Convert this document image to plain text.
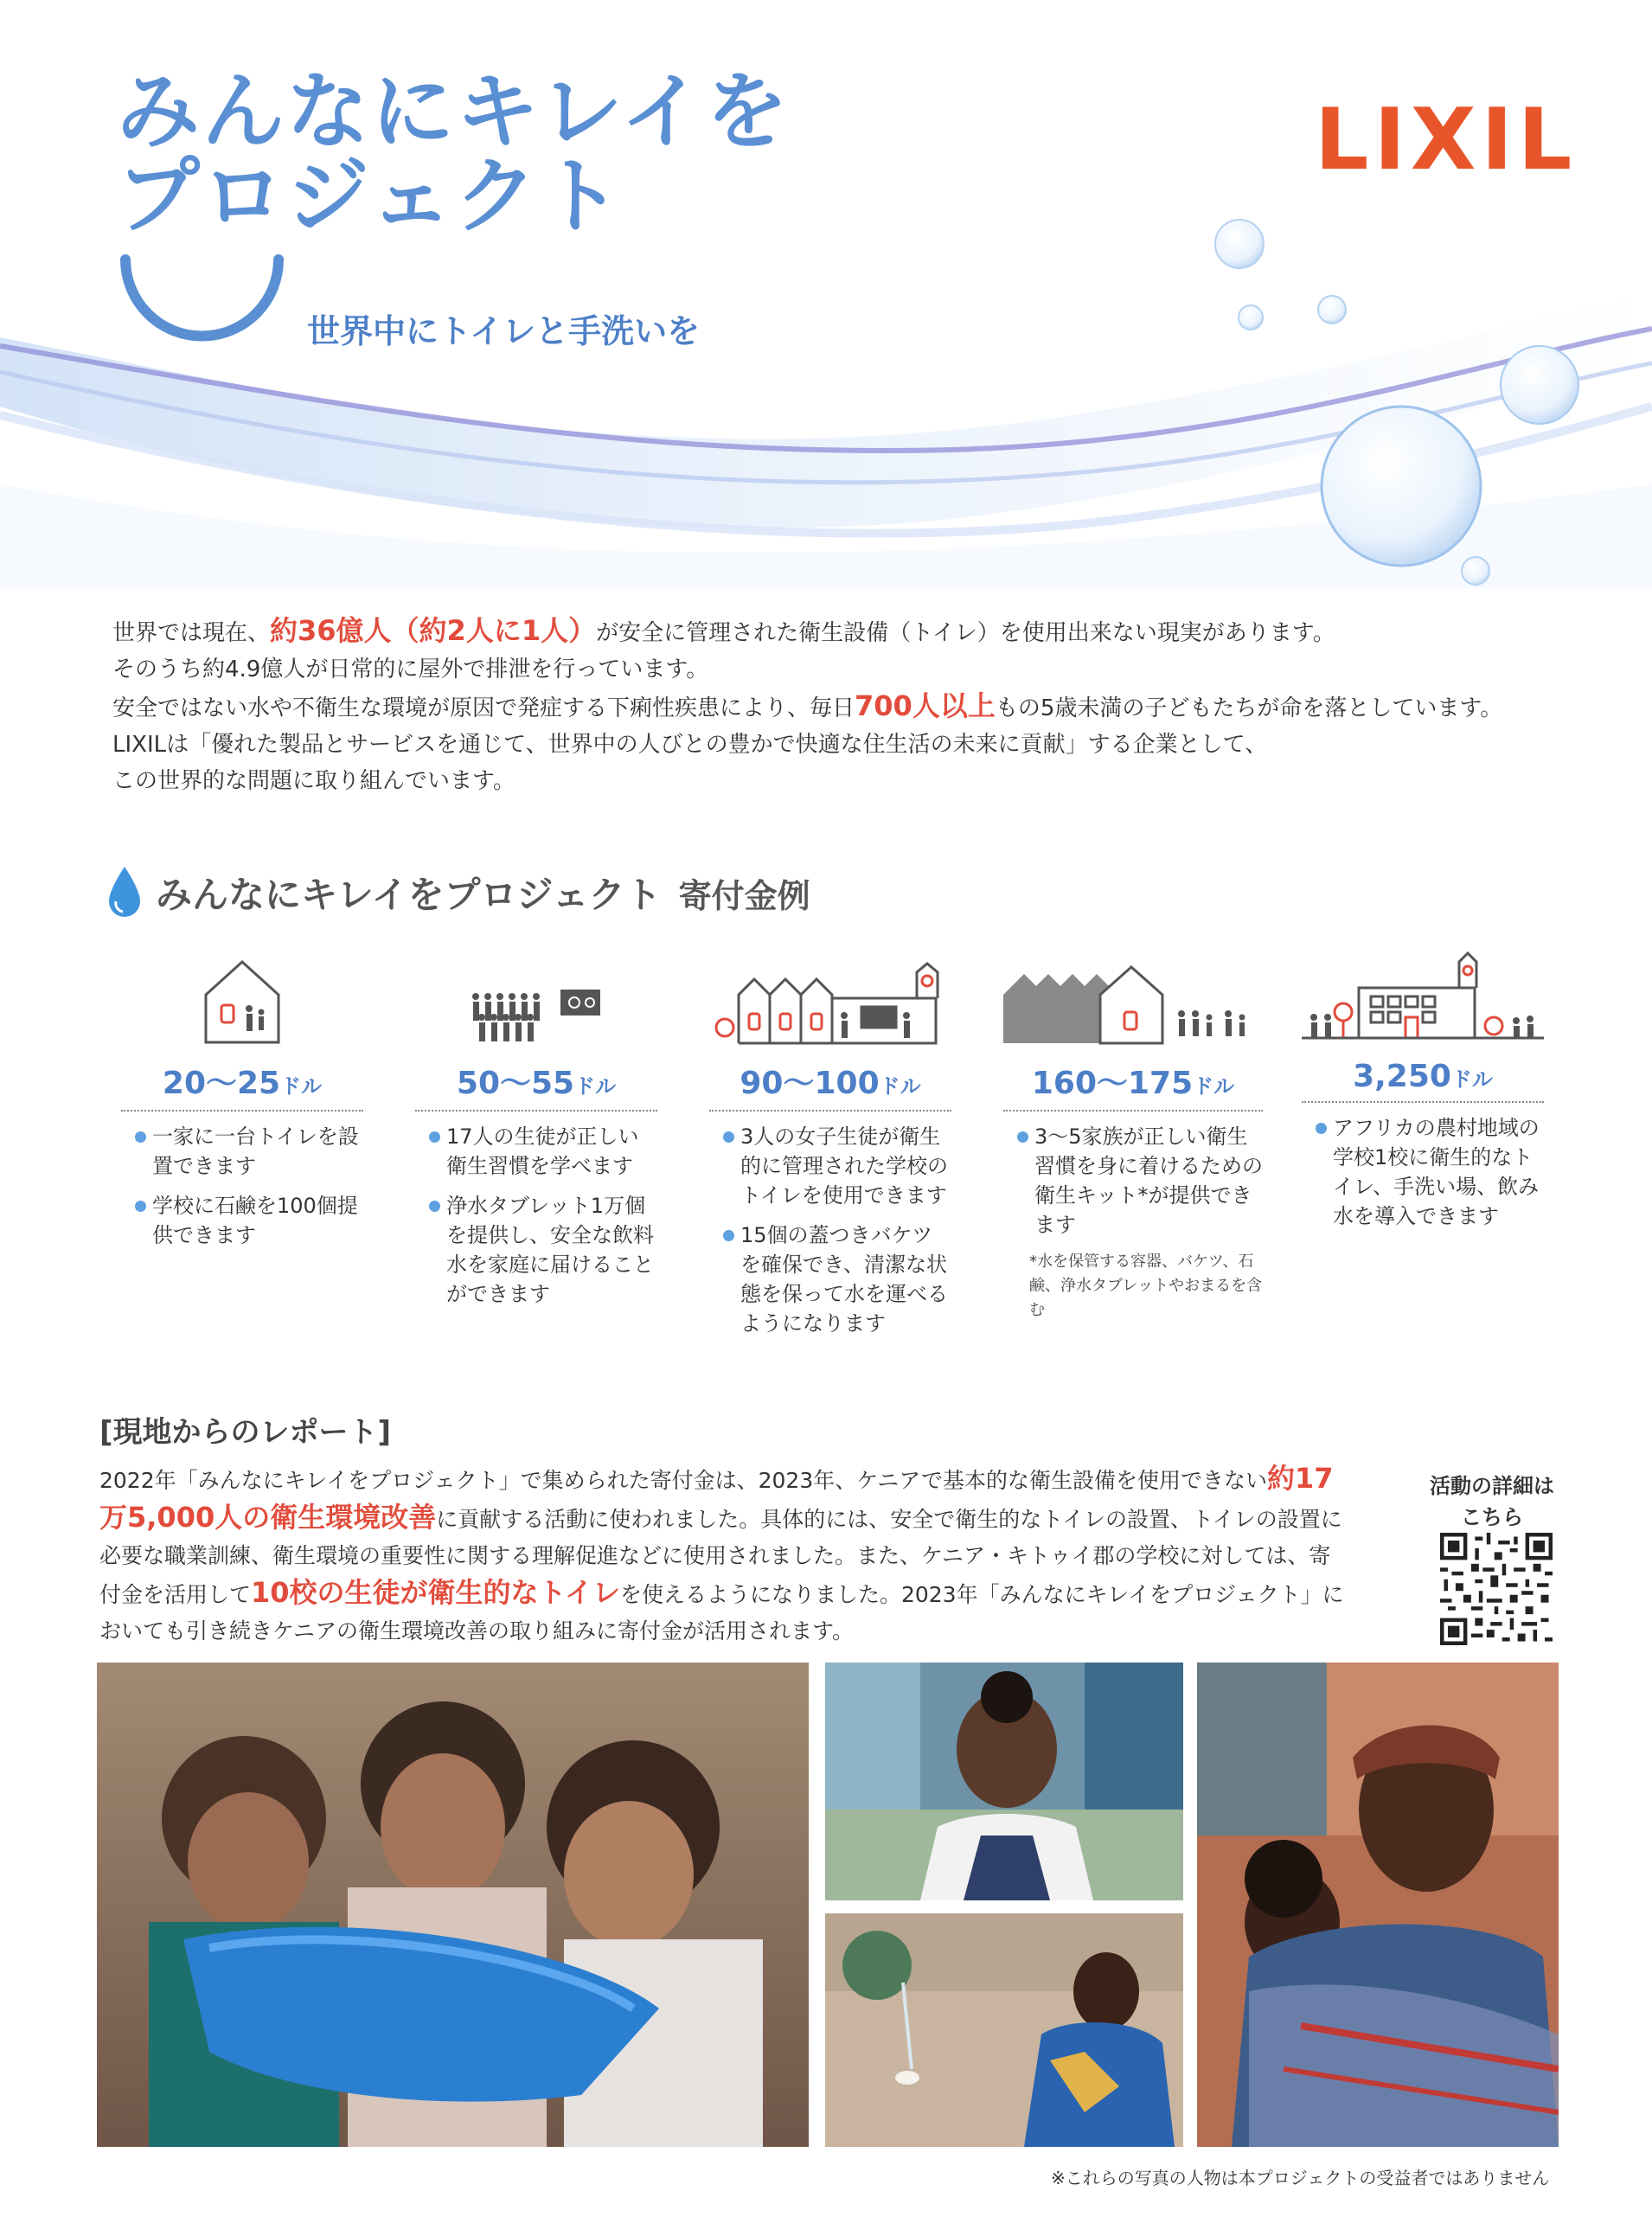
みんなにキレイを
プロジェクト
世界中にトイレと手洗いを
LIXIL

世界では現在、約36億人（約2人に1人）が安全に管理された衛生設備（トイレ）を使用出来ない現実があります。

そのうち約4.9億人が日常的に屋外で排泄を行っています。

安全ではない水や不衛生な環境が原因で発症する下痢性疾患により、毎日700人以上もの5歳未満の子どもたちが命を落としています。

LIXILは「優れた製品とサービスを通じて、世界中の人びとの豊かで快適な住生活の未来に貢献」する企業として、

この世界的な問題に取り組んでいます。

みんなにキレイをプロジェクト 寄付金例
20〜25ドル
一家に一台トイレを設置できます
学校に石鹸を100個提供できます
50〜55ドル
17人の生徒が正しい衛生習慣を学べます
浄水タブレット1万個を提供し、安全な飲料水を家庭に届けることができます
90〜100ドル
3人の女子生徒が衛生的に管理された学校のトイレを使用できます
15個の蓋つきバケツを確保でき、清潔な状態を保って水を運べるようになります
160〜175ドル
3〜5家族が正しい衛生習慣を身に着けるための衛生キット*が提供できます
*水を保管する容器、バケツ、石鹸、浄水タブレットやおまるを含む
3,250ドル
アフリカの農村地域の学校1校に衛生的なトイレ、手洗い場、飲み水を導入できます
[現地からのレポート]
2022年「みんなにキレイをプロジェクト」で集められた寄付金は、2023年、ケニアで基本的な衛生設備を使用できない約17万5,000人の衛生環境改善に貢献する活動に使われました。具体的には、安全で衛生的なトイレの設置、トイレの設置に必要な職業訓練、衛生環境の重要性に関する理解促進などに使用されました。また、ケニア・キトゥイ郡の学校に対しては、寄付金を活用して10校の生徒が衛生的なトイレを使えるようになりました。2023年「みんなにキレイをプロジェクト」においても引き続きケニアの衛生環境改善の取り組みに寄付金が活用されます。
活動の詳細は
こちら
※これらの写真の人物は本プロジェクトの受益者ではありません
